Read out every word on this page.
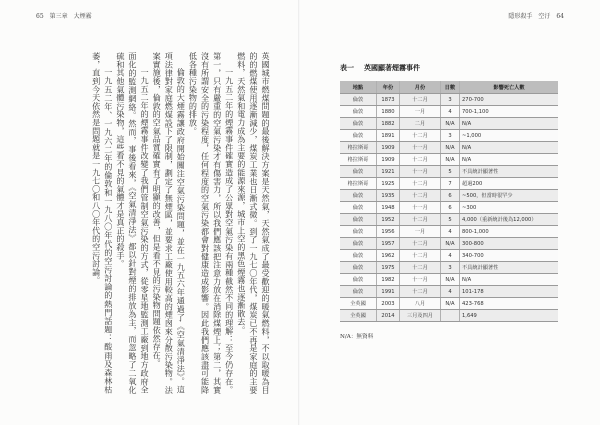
65　第三章　大煙霧

英國城市燃煤問題的最後解決方案是天然氣，天然氣成了最受歡迎的暖氣燃料，不以取暖為目的的燃煤使用逐漸減少，煤炭工業也日漸式微。到了一九七〇年代，煤炭已不再是家庭的主要燃料，天然氣和電力成為主要的能源來源，城市上空的黑色煙霧也逐漸散去。

一九五二年的煙霧事件確實造成了公眾對空氣污染有兩種截然不同的理解：至今仍存在。第一，只有嚴重的空氣污染才有傷害力，所以我們應該把注意力放在消除煤煙上；第二，其實沒有所謂安全的污染程度，任何程度的空氣污染都會對健康造成影響。因此我們應該盡可能降低各種污染物的排放。

倫敦的大煙霧讓政府開始關注空氣污染問題，並在一九五六年通過了《空氣清淨法》。這項法律對家庭燃煤設下了限制，劃定了無煙區，並要求工廠使用較高的煙囪來分散污染物。法案實施後，倫敦的空氣品質確實有了明顯的改善，但是看不見的污染物問題依然存在。

一九五二年的煙霧事件改變了我們管制空氣污染的方式，從零星地監測工廠到地方政府全面化的監測網絡。然而，事後看來，《空氣清淨法》都以針對煙的排放為主，而忽略了二氧化硫和其他氣體污染物，這些看不見的氣體才是真正的殺手。

一九五二年、一九六二年的倫敦和一九八〇年代的空污討論的熱門話題：酸雨及森林枯萎，直到今天依然是問題就是一九七〇和八〇年代的空污討論。

隱形殺手　空汙　64
表一 英國顯著煙霧事件
地點	年份	月份	日數	影響死亡人數
倫敦	1873	十二月	3	270-700
倫敦	1880	一月	4	700-1,100
倫敦	1882	二月	N/A	N/A
倫敦	1891	十二月	3	~1,000
格拉斯哥	1909	十一月	N/A	N/A
格拉斯哥	1909	十二月	N/A	N/A
倫敦	1921	十一月	5	不具統計顯著性
格拉斯哥	1925	十二月	7	超過200
倫敦	1935	十二月	6	~500，但當時很罕少
倫敦	1948	十一月	6	~300
倫敦	1952	十二月	5	4,000（重新統計後為12,000）
倫敦	1956	一月	4	800-1,000
倫敦	1957	十二月	N/A	300-800
倫敦	1962	十二月	4	340-700
倫敦	1975	十二月	3	不具統計顯著性
倫敦	1982	十一月	N/A	N/A
倫敦	1991	十二月	4	101-178
全英國	2003	八月	N/A	423-768
全英國	2014	三月及四月		1,649
N/A：無資料
